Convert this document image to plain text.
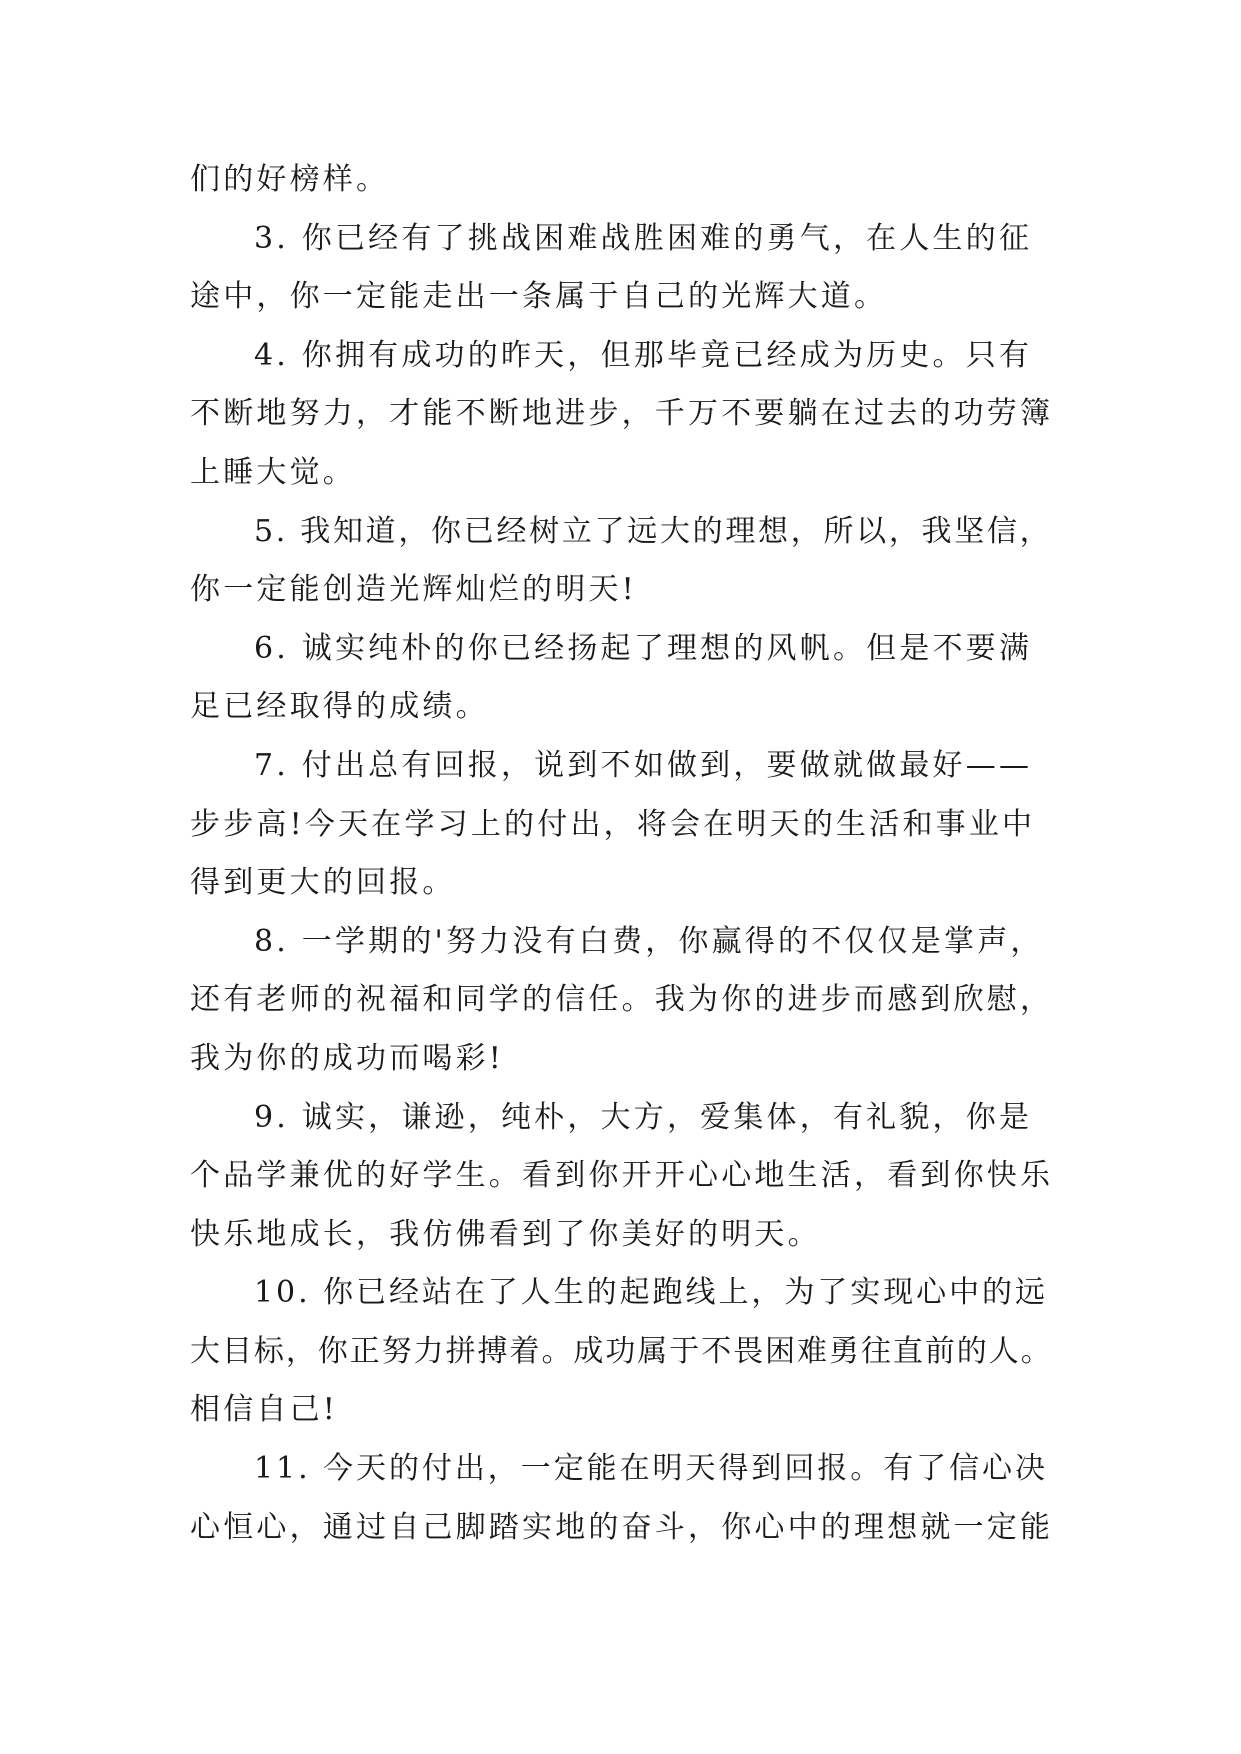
们的好榜样。
3. 你已经有了挑战困难战胜困难的勇气，在人生的征
途中，你一定能走出一条属于自己的光辉大道。
4. 你拥有成功的昨天，但那毕竟已经成为历史。只有
不断地努力，才能不断地进步，千万不要躺在过去的功劳簿
上睡大觉。
5. 我知道，你已经树立了远大的理想，所以，我坚信，
你一定能创造光辉灿烂的明天!
6. 诚实纯朴的你已经扬起了理想的风帆。但是不要满
足已经取得的成绩。
7. 付出总有回报，说到不如做到，要做就做最好——
步步高!今天在学习上的付出，将会在明天的生活和事业中
得到更大的回报。
8. 一学期的'努力没有白费，你赢得的不仅仅是掌声，
还有老师的祝福和同学的信任。我为你的进步而感到欣慰，
我为你的成功而喝彩!
9. 诚实，谦逊，纯朴，大方，爱集体，有礼貌，你是
个品学兼优的好学生。看到你开开心心地生活，看到你快乐
快乐地成长，我仿佛看到了你美好的明天。
10. 你已经站在了人生的起跑线上，为了实现心中的远
大目标，你正努力拼搏着。成功属于不畏困难勇往直前的人。
相信自己!
11. 今天的付出，一定能在明天得到回报。有了信心决
心恒心，通过自己脚踏实地的奋斗，你心中的理想就一定能
